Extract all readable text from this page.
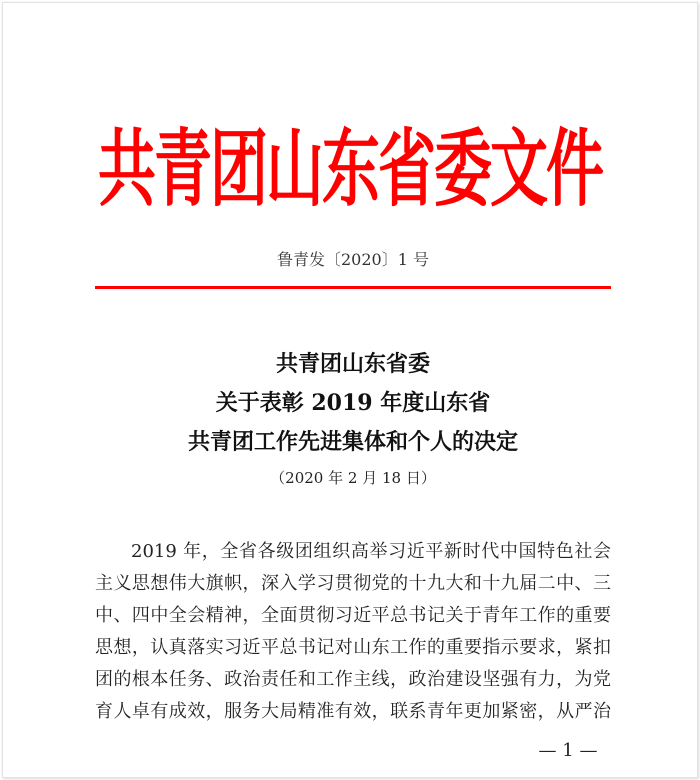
共青团山东省委文件
鲁青发〔2020〕1 号
共青团山东省委
关于表彰 2019 年度山东省
共青团工作先进集体和个人的决定
（2020 年 2 月 18 日）
2019 年，全省各级团组织高举习近平新时代中国特色社会
主义思想伟大旗帜，深入学习贯彻党的十九大和十九届二中、三
中、四中全会精神，全面贯彻习近平总书记关于青年工作的重要
思想，认真落实习近平总书记对山东工作的重要指示要求，紧扣
团的根本任务、政治责任和工作主线，政治建设坚强有力，为党
育人卓有成效，服务大局精准有效，联系青年更加紧密，从严治
— 1 —
